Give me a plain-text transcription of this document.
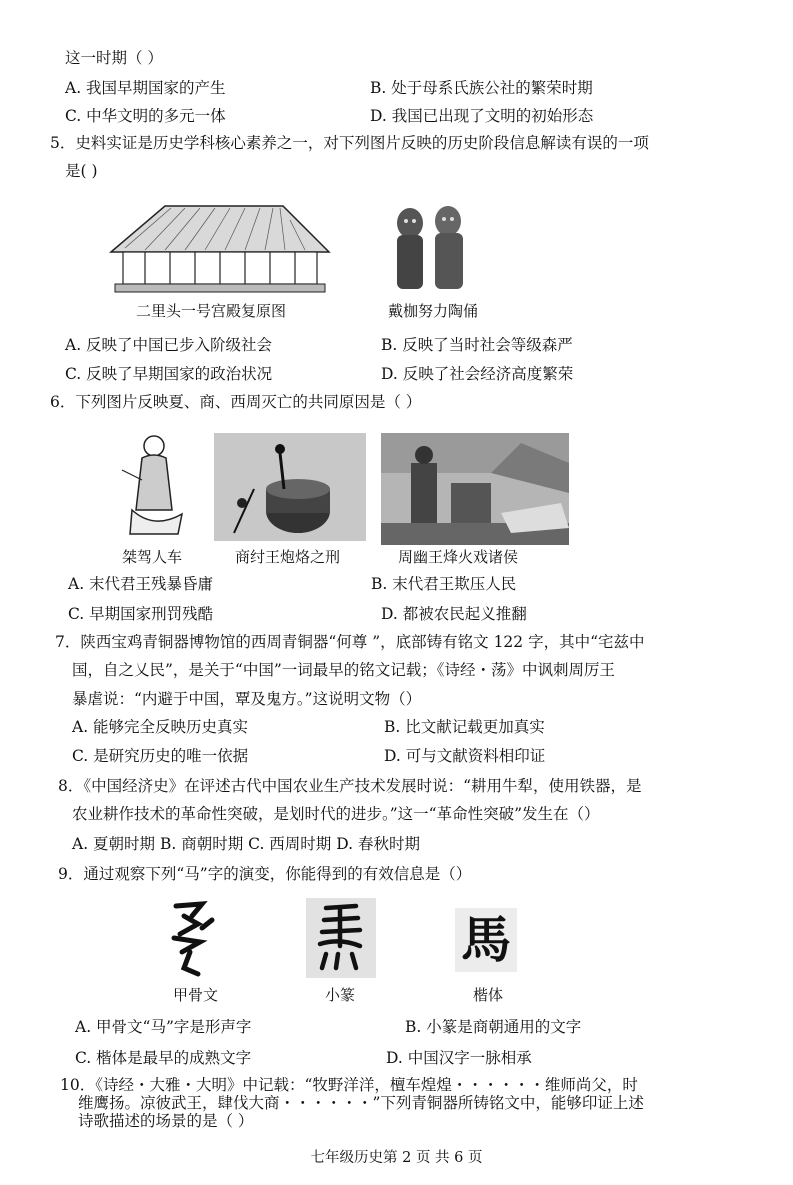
这一时期（ ）
A. 我国早期国家的产生	B. 处于母系氏族公社的繁荣时期
C. 中华文明的多元一体	D. 我国已出现了文明的初始形态
5．史料实证是历史学科核心素养之一，对下列图片反映的历史阶段信息解读有误的一项
是( )
二里头一号宫殿复原图	戴枷努力陶俑
A. 反映了中国已步入阶级社会	B. 反映了当时社会等级森严
C. 反映了早期国家的政治状况	D. 反映了社会经济高度繁荣
6．下列图片反映夏、商、西周灭亡的共同原因是（ ）
桀驾人车	商纣王炮烙之刑	周幽王烽火戏诸侯
A. 末代君王残暴昏庸	B. 末代君王欺压人民
C. 早期国家刑罚残酷	D. 都被农民起义推翻
7．陕西宝鸡青铜器博物馆的西周青铜器“何尊 ”，底部铸有铭文 122 字，其中“宅兹中
国，自之乂民”，是关于“中国”一词最早的铭文记载；《诗经・荡》中讽刺周厉王
暴虐说：“内避于中国，覃及鬼方。”这说明文物（）
A. 能够完全反映历史真实	B. 比文献记载更加真实
C. 是研究历史的唯一依据	D. 可与文献资料相印证
8．《中国经济史》在评述古代中国农业生产技术发展时说：“耕用牛犁，使用铁器，是
农业耕作技术的革命性突破，是划时代的进步。”这一“革命性突破”发生在（）
A. 夏朝时期 B. 商朝时期 C. 西周时期 D. 春秋时期
9．通过观察下列“马”字的演变，你能得到的有效信息是（）
甲骨文	小篆
馬
楷体
A. 甲骨文“马”字是形声字	B. 小篆是商朝通用的文字
C. 楷体是最早的成熟文字	D. 中国汉字一脉相承
10．《诗经・大雅・大明》中记载：“牧野洋洋，檀车煌煌・・・・・・维师尚父，时
维鹰扬。凉彼武王，肆伐大商・・・・・・”下列青铜器所铸铭文中，能够印证上述
诗歌描述的场景的是（ ）
七年级历史第 2 页 共 6 页
